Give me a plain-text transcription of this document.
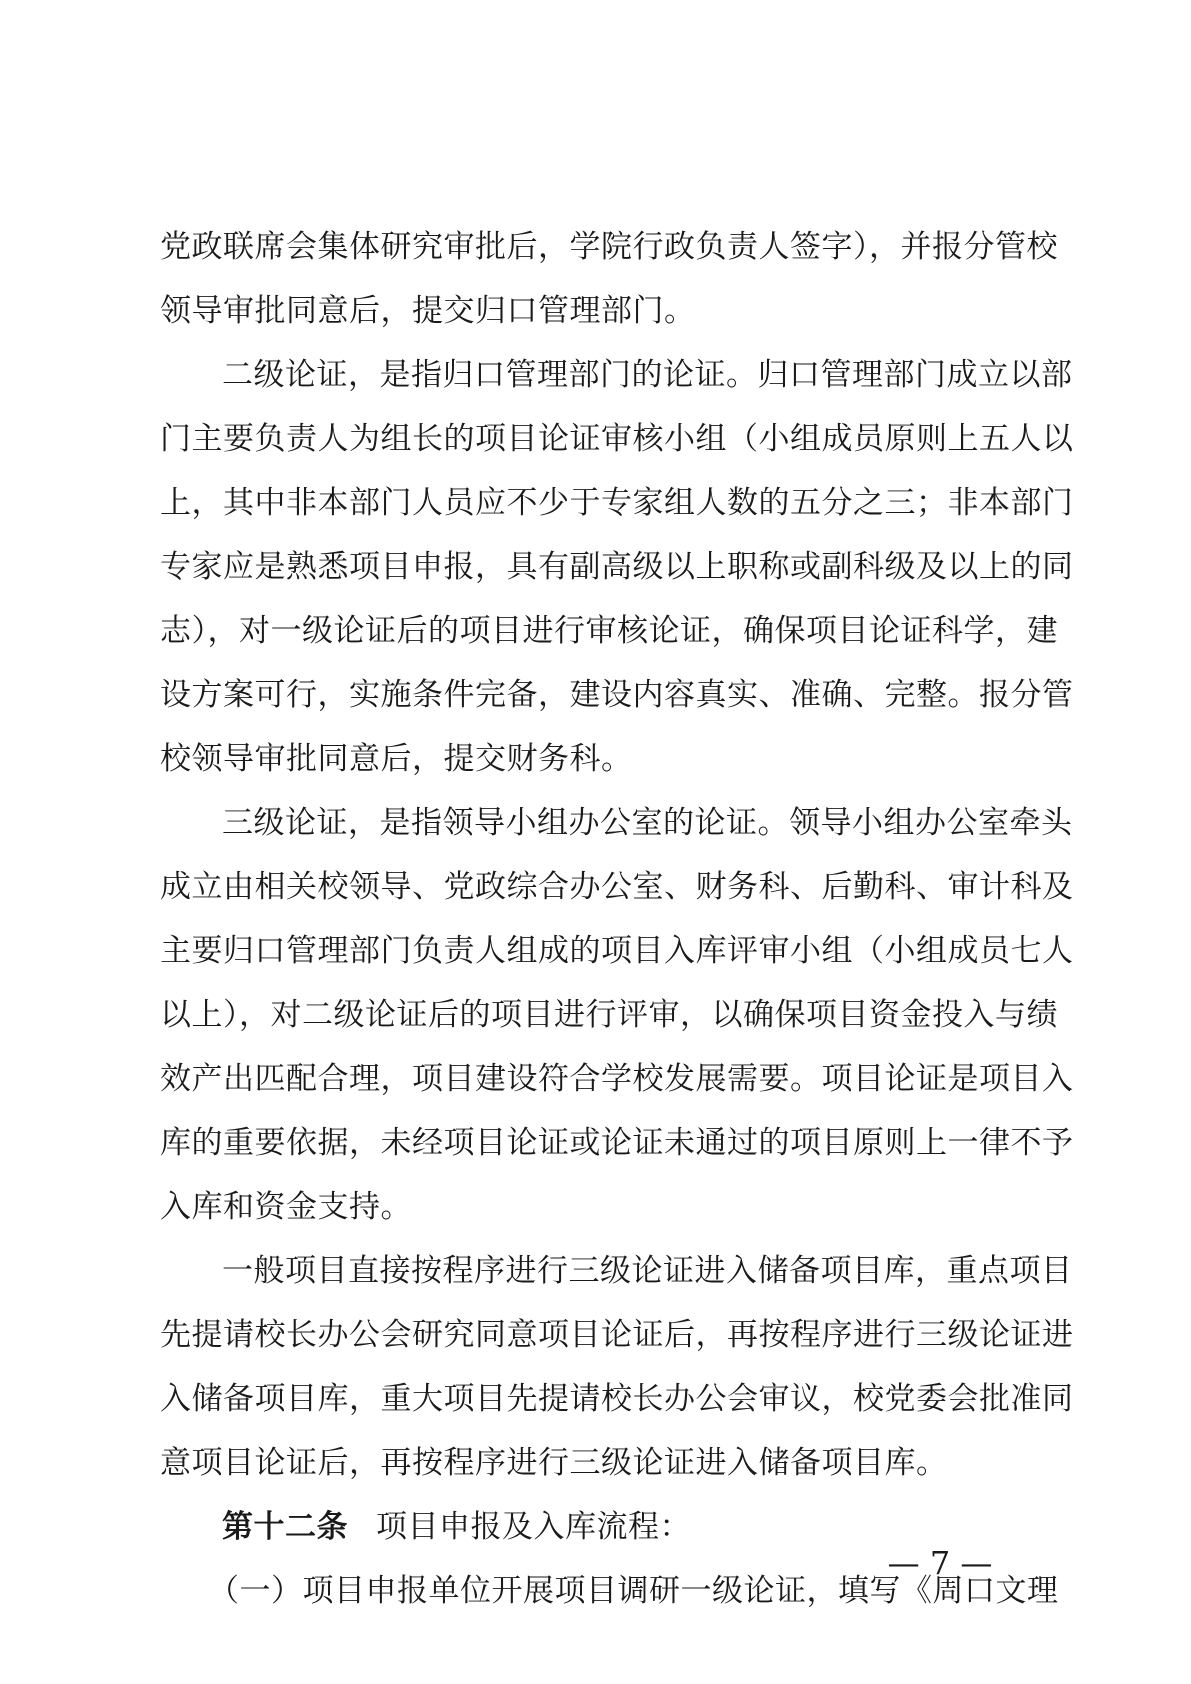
党政联席会集体研究审批后，学院行政负责人签字），并报分管校
领导审批同意后，提交归口管理部门。
二级论证，是指归口管理部门的论证。归口管理部门成立以部
门主要负责人为组长的项目论证审核小组（小组成员原则上五人以
上，其中非本部门人员应不少于专家组人数的五分之三；非本部门
专家应是熟悉项目申报，具有副高级以上职称或副科级及以上的同
志），对一级论证后的项目进行审核论证，确保项目论证科学，建
设方案可行，实施条件完备，建设内容真实、准确、完整。报分管
校领导审批同意后，提交财务科。
三级论证，是指领导小组办公室的论证。领导小组办公室牵头
成立由相关校领导、党政综合办公室、财务科、后勤科、审计科及
主要归口管理部门负责人组成的项目入库评审小组（小组成员七人
以上），对二级论证后的项目进行评审，以确保项目资金投入与绩
效产出匹配合理，项目建设符合学校发展需要。项目论证是项目入
库的重要依据，未经项目论证或论证未通过的项目原则上一律不予
入库和资金支持。
一般项目直接按程序进行三级论证进入储备项目库，重点项目
先提请校长办公会研究同意项目论证后，再按程序进行三级论证进
入储备项目库，重大项目先提请校长办公会审议，校党委会批准同
意项目论证后，再按程序进行三级论证进入储备项目库。
第十二条 项目申报及入库流程：
（一）项目申报单位开展项目调研一级论证，填写《周口文理
— 7 —
